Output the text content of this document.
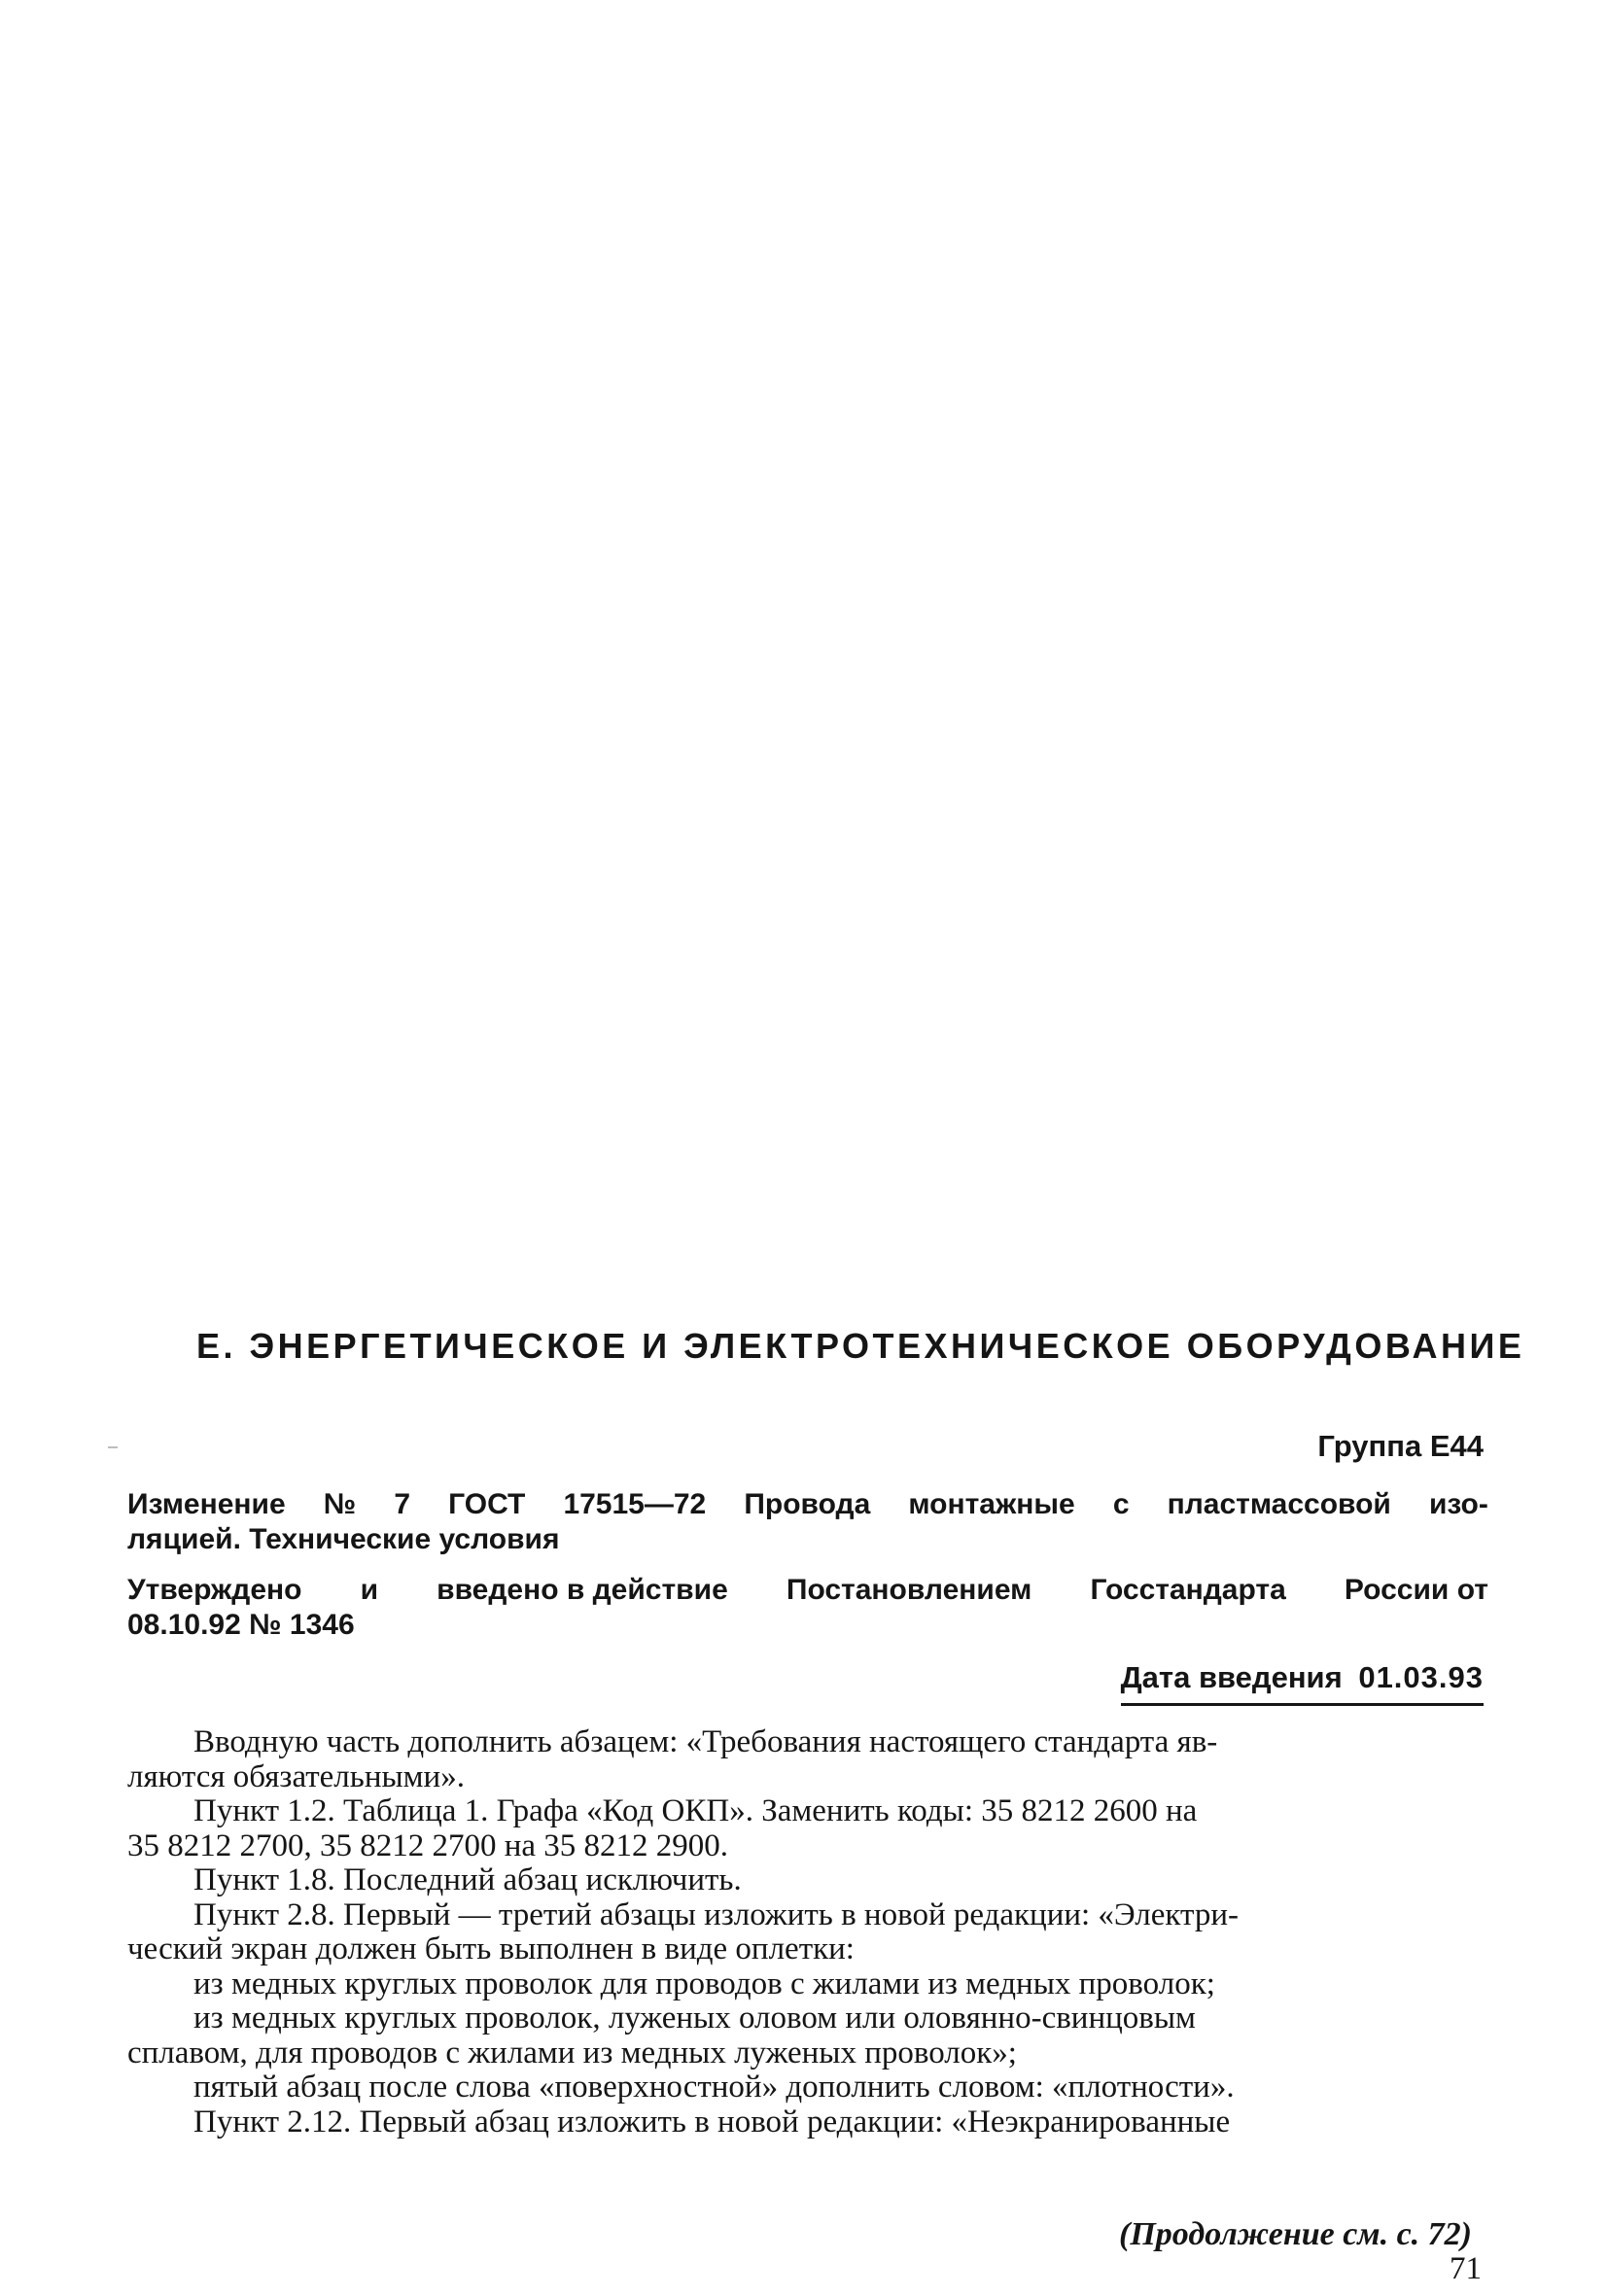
Е. ЭНЕРГЕТИЧЕСКОЕ И ЭЛЕКТРОТЕХНИЧЕСКОЕ ОБОРУДОВАНИЕ
Группа Е44
Изменение № 7 ГОСТ 17515—72 Провода монтажные с пластмассовой изо-
ляцией. Технические условия
Утверждено и введено в действие Постановлением Госстандарта России от
08.10.92 № 1346
Дата введения 01.03.93
Вводную часть дополнить абзацем: «Требования настоящего стандарта яв-
ляются обязательными».
Пункт 1.2. Таблица 1. Графа «Код ОКП». Заменить коды: 35 8212 2600 на
35 8212 2700, 35 8212 2700 на 35 8212 2900.
Пункт 1.8. Последний абзац исключить.
Пункт 2.8. Первый — третий абзацы изложить в новой редакции: «Электри-
ческий экран должен быть выполнен в виде оплетки:
из медных круглых проволок для проводов с жилами из медных проволок;
из медных круглых проволок, луженых оловом или оловянно-свинцовым
сплавом, для проводов с жилами из медных луженых проволок»;
пятый абзац после слова «поверхностной» дополнить словом: «плотности».
Пункт 2.12. Первый абзац изложить в новой редакции: «Неэкранированные
(Продолжение см. с. 72)
71
